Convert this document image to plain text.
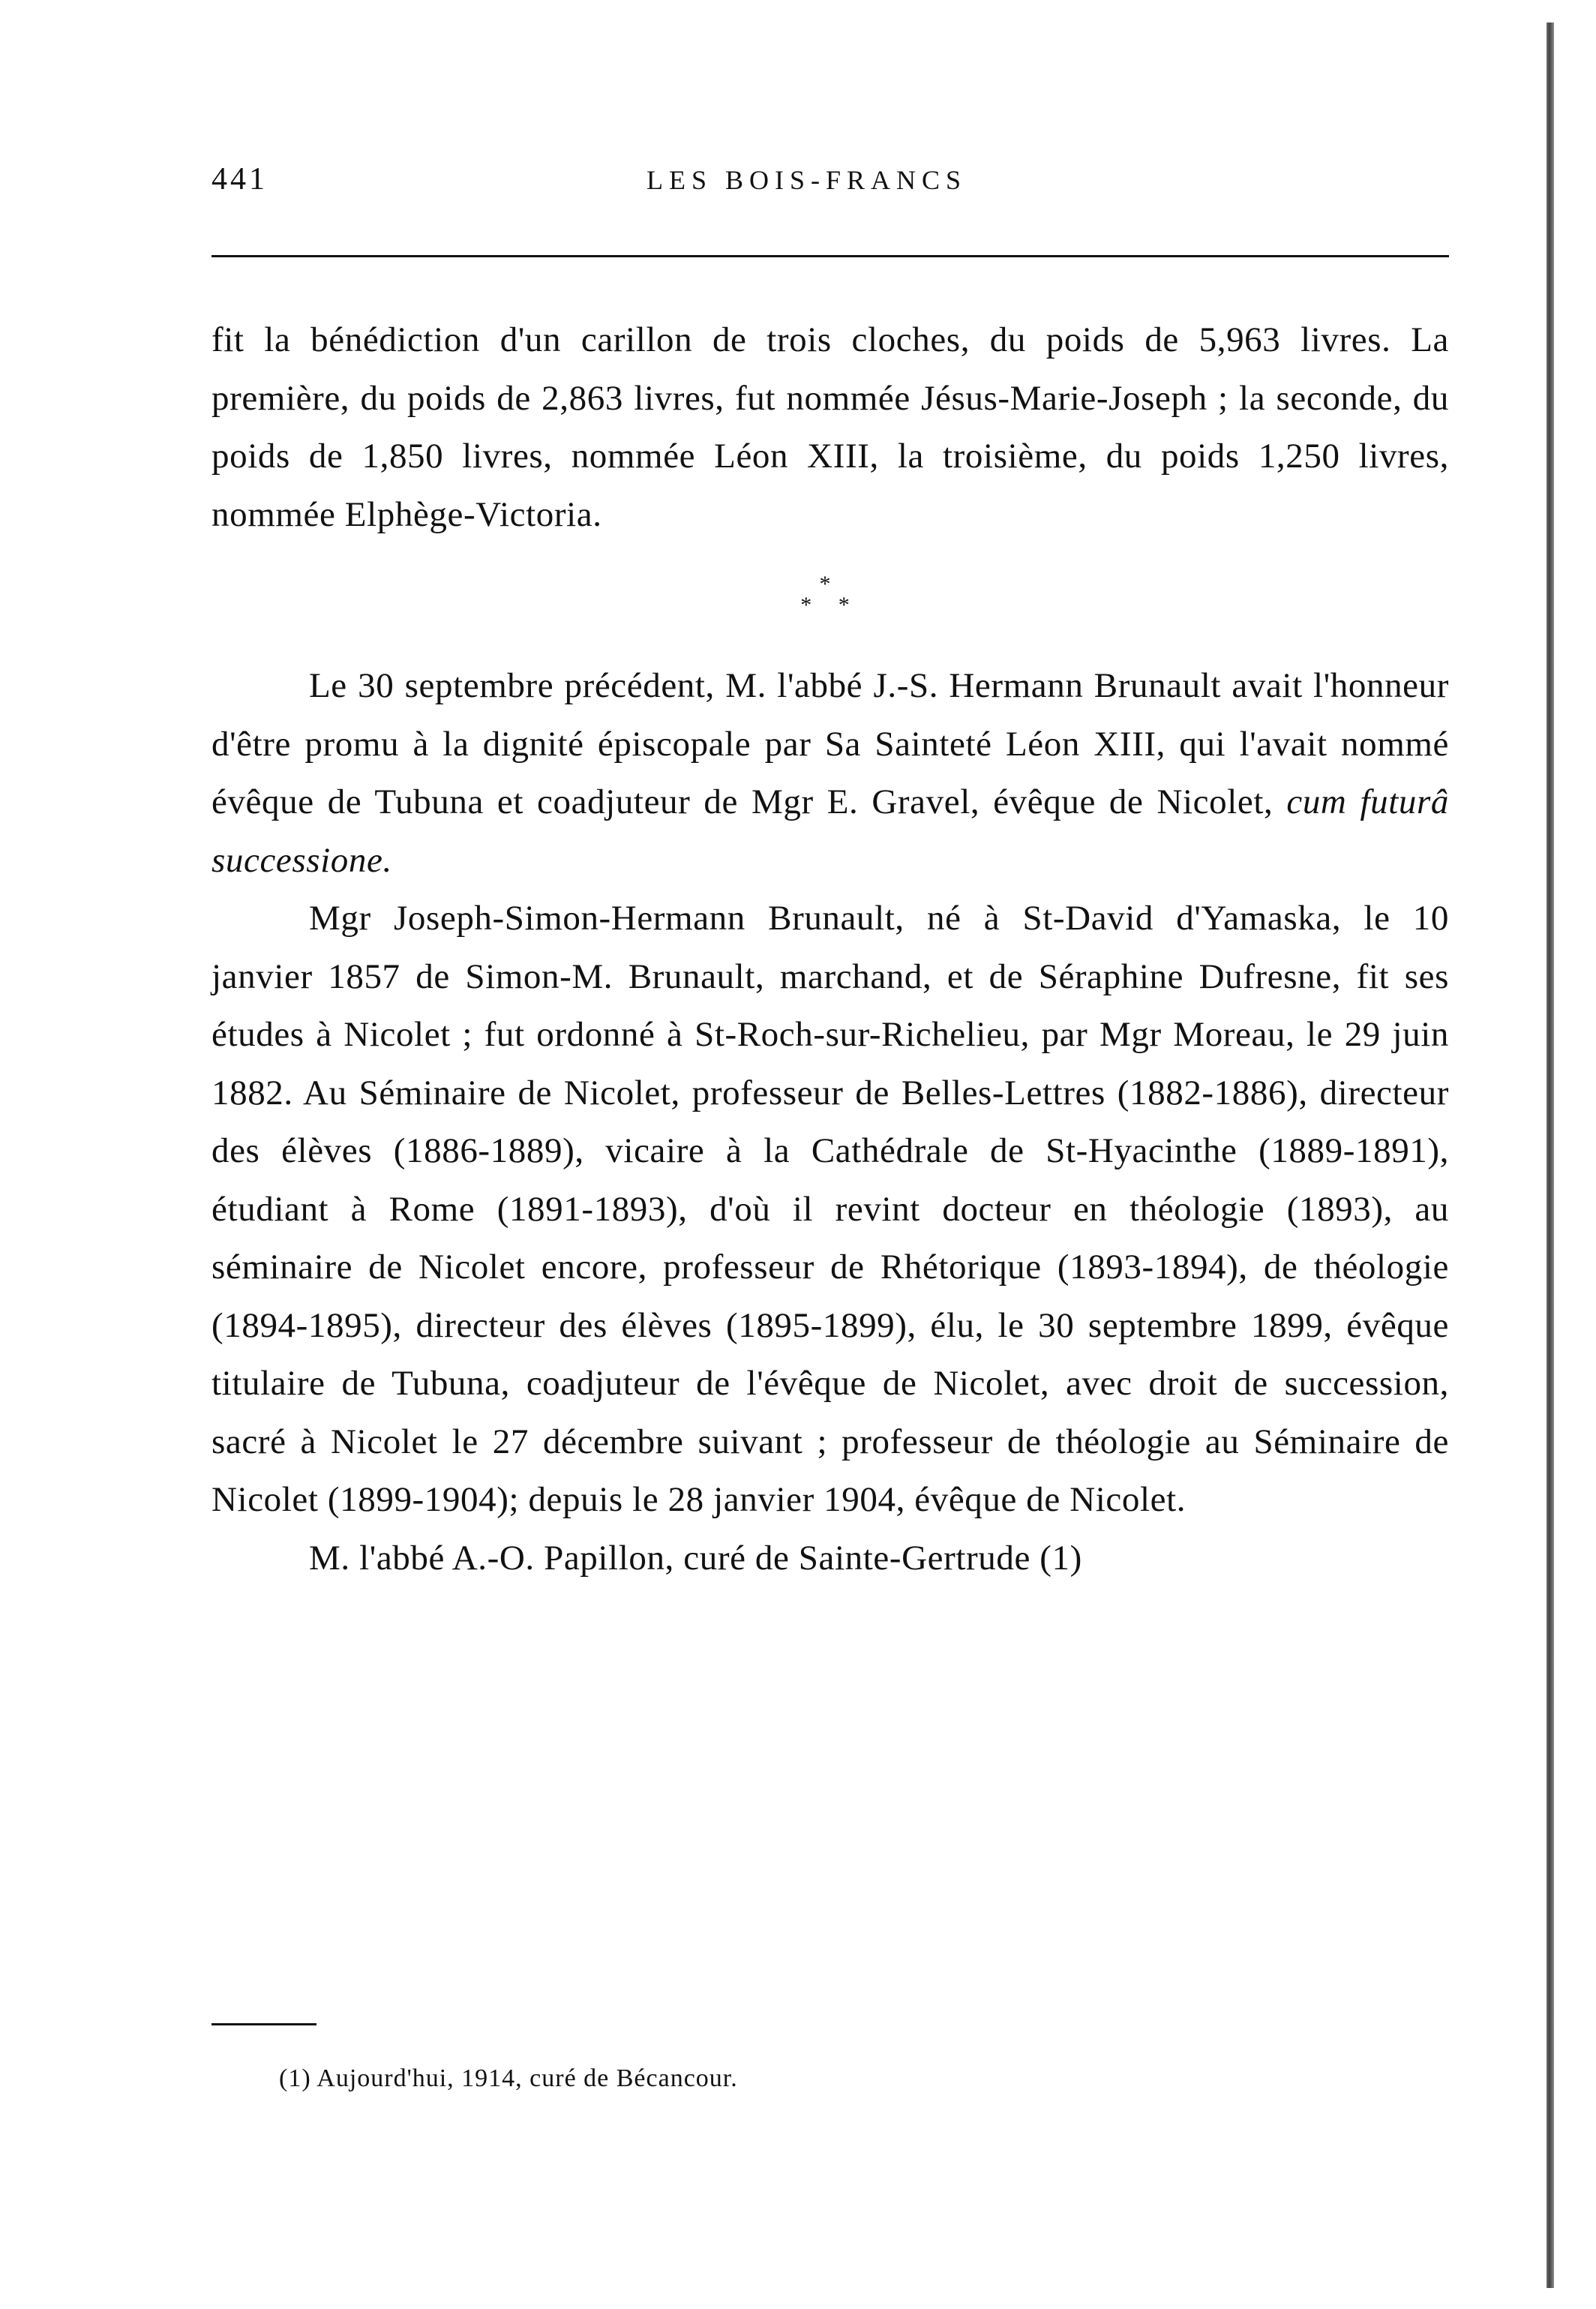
441	LES BOIS-FRANCS

fit la bénédiction d'un carillon de trois cloches, du poids de 5,963 livres. La première, du poids de 2,863 livres, fut nommée Jésus-Marie-Joseph ; la seconde, du poids de 1,850 livres, nommée Léon XIII, la troisième, du poids 1,250 livres, nommée Elphège-Victoria.

*
* *

Le 30 septembre précédent, M. l'abbé J.-S. Hermann Brunault avait l'honneur d'être promu à la dignité épiscopale par Sa Sainteté Léon XIII, qui l'avait nommé évêque de Tubuna et coadjuteur de Mgr E. Gravel, évêque de Nicolet, cum futurâ successione.

Mgr Joseph-Simon-Hermann Brunault, né à St-David d'Yamaska, le 10 janvier 1857 de Simon-M. Brunault, marchand, et de Séraphine Dufresne, fit ses études à Nicolet ; fut ordonné à St-Roch-sur-Richelieu, par Mgr Moreau, le 29 juin 1882. Au Séminaire de Nicolet, professeur de Belles-Lettres (1882-1886), directeur des élèves (1886-1889), vicaire à la Cathédrale de St-Hyacinthe (1889-1891), étudiant à Rome (1891-1893), d'où il revint docteur en théologie (1893), au séminaire de Nicolet encore, professeur de Rhétorique (1893-1894), de théologie (1894-1895), directeur des élèves (1895-1899), élu, le 30 septembre 1899, évêque titulaire de Tubuna, coadjuteur de l'évêque de Nicolet, avec droit de succession, sacré à Nicolet le 27 décembre suivant ; professeur de théologie au Séminaire de Nicolet (1899-1904); depuis le 28 janvier 1904, évêque de Nicolet.

M. l'abbé A.-O. Papillon, curé de Sainte-Gertrude (1)

(1) Aujourd'hui, 1914, curé de Bécancour.
